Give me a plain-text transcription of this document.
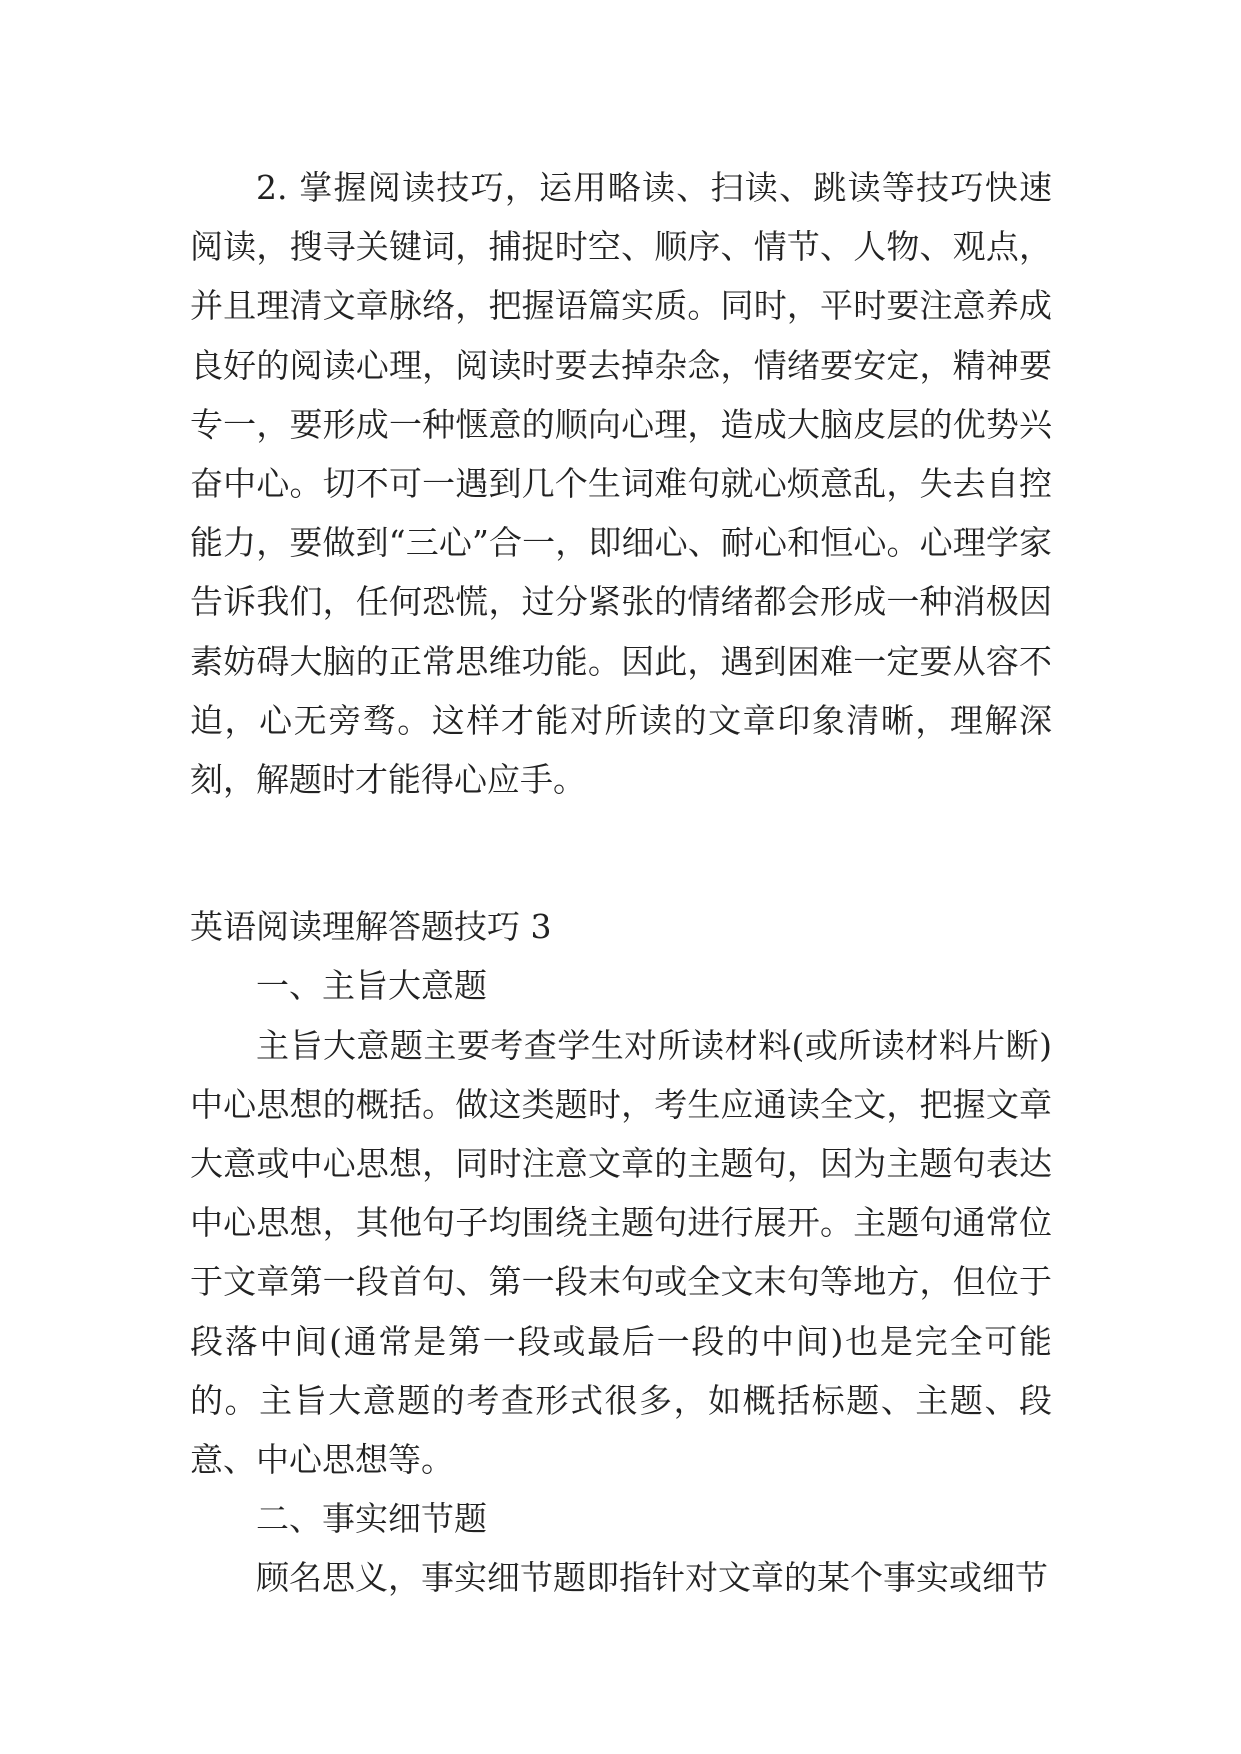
2. 掌握阅读技巧，运用略读、扫读、跳读等技巧快速阅读，搜寻关键词，捕捉时空、顺序、情节、人物、观点，并且理清文章脉络，把握语篇实质。同时，平时要注意养成良好的阅读心理，阅读时要去掉杂念，情绪要安定，精神要专一，要形成一种惬意的顺向心理，造成大脑皮层的优势兴奋中心。切不可一遇到几个生词难句就心烦意乱，失去自控能力，要做到“三心”合一，即细心、耐心和恒心。心理学家告诉我们，任何恐慌，过分紧张的情绪都会形成一种消极因素妨碍大脑的正常思维功能。因此，遇到困难一定要从容不迫，心无旁骛。这样才能对所读的文章印象清晰，理解深刻，解题时才能得心应手。

英语阅读理解答题技巧 3

一、主旨大意题

主旨大意题主要考查学生对所读材料(或所读材料片断)中心思想的概括。做这类题时，考生应通读全文，把握文章大意或中心思想，同时注意文章的主题句，因为主题句表达中心思想，其他句子均围绕主题句进行展开。主题句通常位于文章第一段首句、第一段末句或全文末句等地方，但位于段落中间(通常是第一段或最后一段的中间)也是完全可能的。主旨大意题的考查形式很多，如概括标题、主题、段意、中心思想等。

二、事实细节题

顾名思义，事实细节题即指针对文章的某个事实或细节
